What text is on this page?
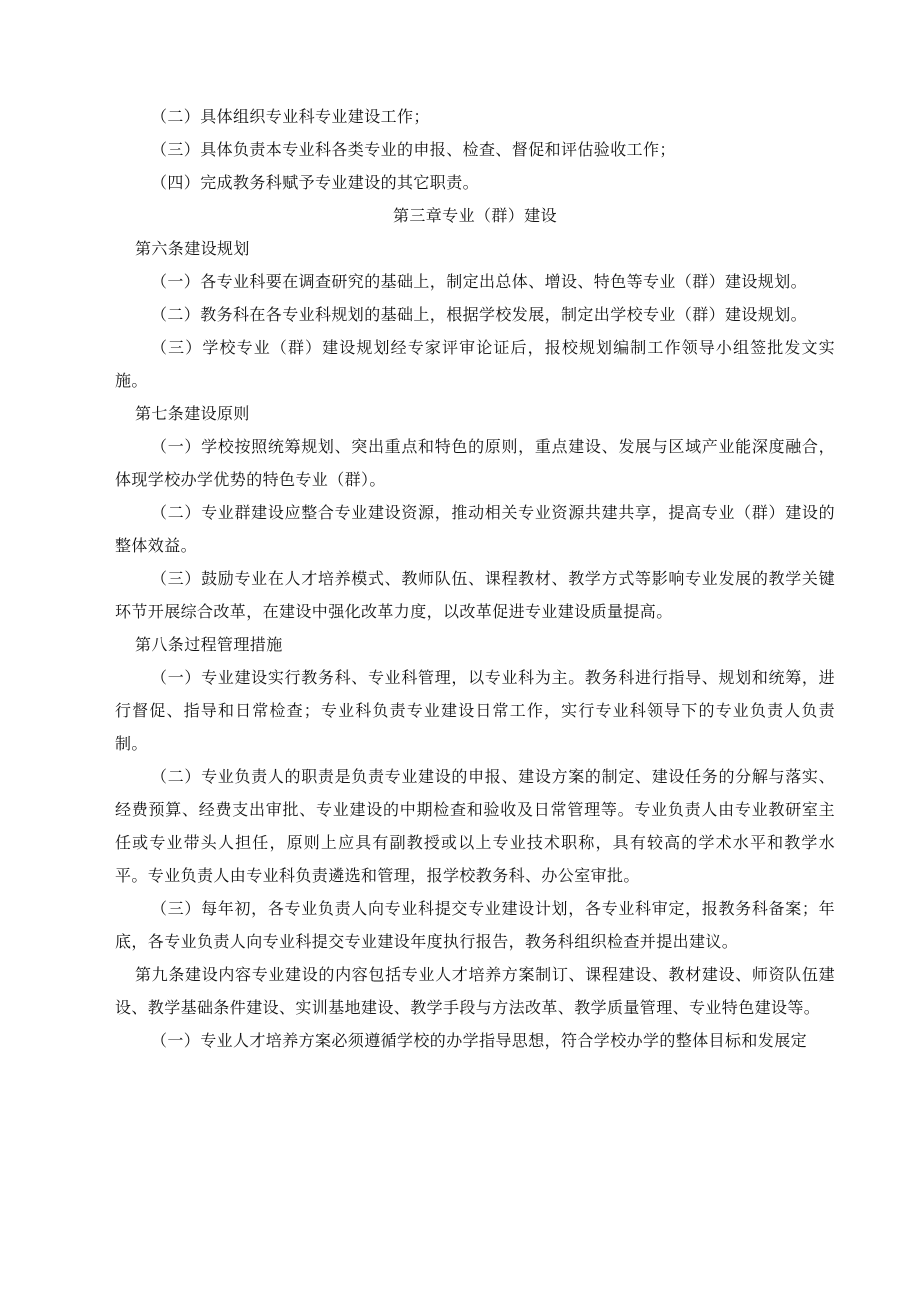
（二）具体组织专业科专业建设工作；

（三）具体负责本专业科各类专业的申报、检查、督促和评估验收工作；

（四）完成教务科赋予专业建设的其它职责。

第三章专业（群）建设

第六条建设规划

（一）各专业科要在调查研究的基础上，制定出总体、增设、特色等专业（群）建设规划。

（二）教务科在各专业科规划的基础上，根据学校发展，制定出学校专业（群）建设规划。

（三）学校专业（群）建设规划经专家评审论证后，报校规划编制工作领导小组签批发文实施。

第七条建设原则

（一）学校按照统筹规划、突出重点和特色的原则，重点建设、发展与区域产业能深度融合，体现学校办学优势的特色专业（群）。

（二）专业群建设应整合专业建设资源，推动相关专业资源共建共享，提高专业（群）建设的整体效益。

（三）鼓励专业在人才培养模式、教师队伍、课程教材、教学方式等影响专业发展的教学关键环节开展综合改革，在建设中强化改革力度，以改革促进专业建设质量提高。

第八条过程管理措施

（一）专业建设实行教务科、专业科管理，以专业科为主。教务科进行指导、规划和统筹，进行督促、指导和日常检查；专业科负责专业建设日常工作，实行专业科领导下的专业负责人负责制。

（二）专业负责人的职责是负责专业建设的申报、建设方案的制定、建设任务的分解与落实、经费预算、经费支出审批、专业建设的中期检查和验收及日常管理等。专业负责人由专业教研室主任或专业带头人担任，原则上应具有副教授或以上专业技术职称，具有较高的学术水平和教学水平。专业负责人由专业科负责遴选和管理，报学校教务科、办公室审批。

（三）每年初，各专业负责人向专业科提交专业建设计划，各专业科审定，报教务科备案；年底，各专业负责人向专业科提交专业建设年度执行报告，教务科组织检查并提出建议。

第九条建设内容专业建设的内容包括专业人才培养方案制订、课程建设、教材建设、师资队伍建设、教学基础条件建设、实训基地建设、教学手段与方法改革、教学质量管理、专业特色建设等。

（一）专业人才培养方案必须遵循学校的办学指导思想，符合学校办学的整体目标和发展定
